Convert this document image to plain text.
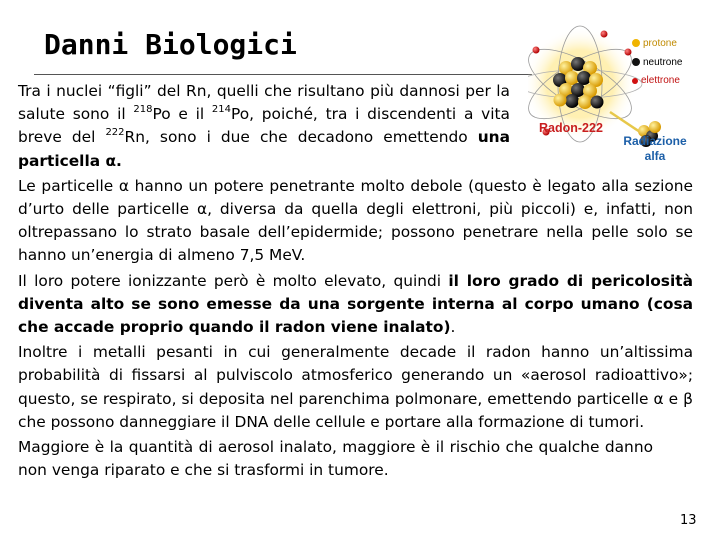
Danni Biologici	protone
neutrone
elettrone
Radon-222
Radiazione
alfa

Tra i nuclei “figli” del Rn, quelli che risultano più dannosi per la salute sono il $^{218}$Po e il $^{214}$Po, poiché, tra i discendenti a vita breve del $^{222}$Rn, sono i due che decadono emettendo una particella α.

Le particelle α hanno un potere penetrante molto debole (questo è legato alla sezione d’urto delle particelle α, diversa da quella degli elettroni, più piccoli) e, infatti, non oltrepassano lo strato basale dell’epidermide; possono penetrare nella pelle solo se hanno un’energia di almeno 7,5 MeV.

Il loro potere ionizzante però è molto elevato, quindi il loro grado di pericolosità diventa alto se sono emesse da una sorgente interna al corpo umano (cosa che accade proprio quando il radon viene inalato).

Inoltre i metalli pesanti in cui generalmente decade il radon hanno un’altissima probabilità di fissarsi al pulviscolo atmosferico generando un «aerosol radioattivo»; questo, se respirato, si deposita nel parenchima polmonare, emettendo particelle α e β che possono danneggiare il DNA delle cellule e portare alla formazione di tumori.

Maggiore è la quantità di aerosol inalato, maggiore è il rischio che qualche danno non venga riparato e che si trasformi in tumore.

13
